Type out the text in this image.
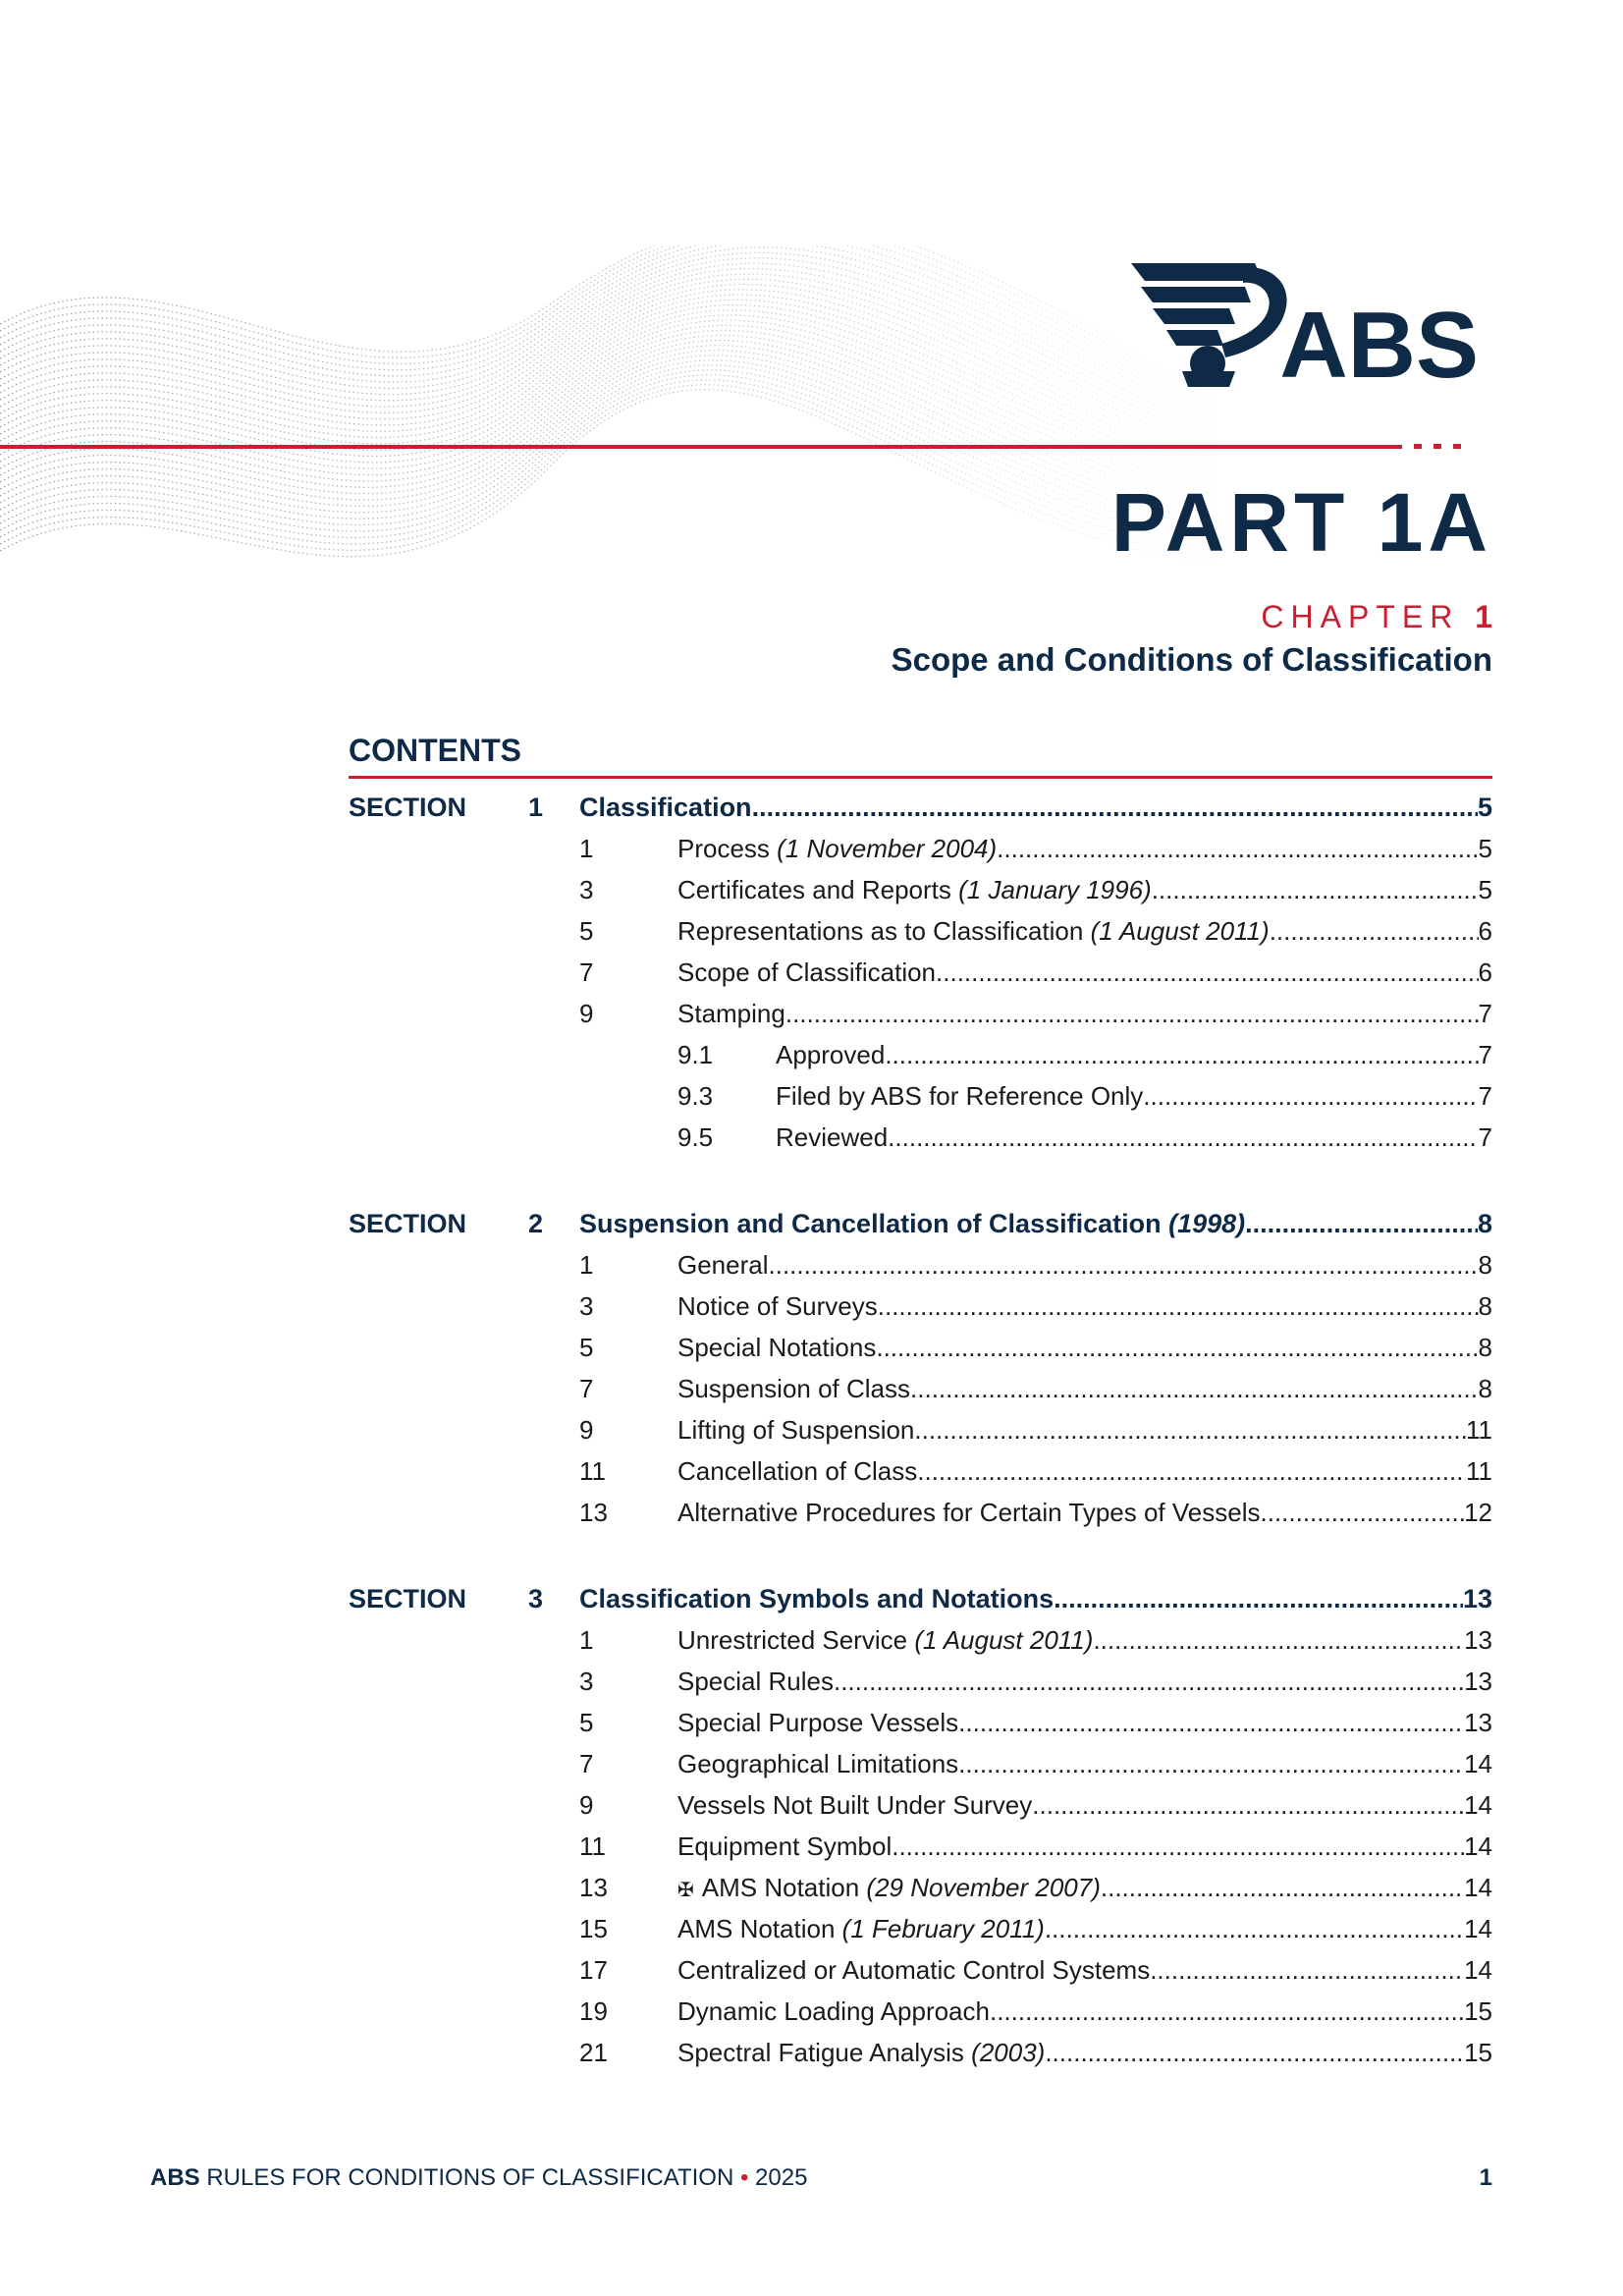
ABS
PART 1A
CHAPTER 1
Scope and Conditions of Classification
CONTENTS
SECTION	1	Classification .....	5
1	Process (1 November 2004) .....	5
3	Certificates and Reports (1 January 1996) .....	5
5	Representations as to Classification (1 August 2011) .....	6
7	Scope of Classification .....	6
9	Stamping .....	7
9.1	Approved .....	7
9.3	Filed by ABS for Reference Only .....	7
9.5	Reviewed .....	7
SECTION	2	Suspension and Cancellation of Classification (1998) .....	8
1	General .....	8
3	Notice of Surveys .....	8
5	Special Notations .....	8
7	Suspension of Class .....	8
9	Lifting of Suspension .....	11
11	Cancellation of Class .....	11
13	Alternative Procedures for Certain Types of Vessels .....	12
SECTION	3	Classification Symbols and Notations .....	13
1	Unrestricted Service (1 August 2011) .....	13
3	Special Rules .....	13
5	Special Purpose Vessels .....	13
7	Geographical Limitations .....	14
9	Vessels Not Built Under Survey .....	14
11	Equipment Symbol .....	14
13	✠ AMS Notation (29 November 2007) .....	14
15	AMS Notation (1 February 2011) .....	14
17	Centralized or Automatic Control Systems .....	14
19	Dynamic Loading Approach .....	15
21	Spectral Fatigue Analysis (2003) .....	15
ABS RULES FOR CONDITIONS OF CLASSIFICATION • 2025	1
